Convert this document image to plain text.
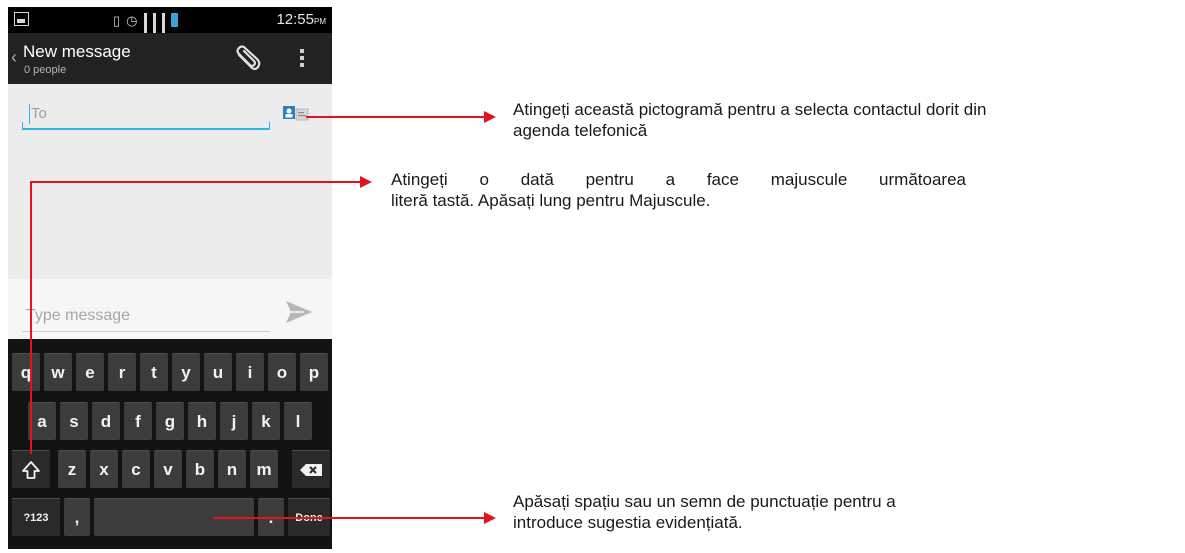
▯ ◷	12:55PM
‹ New message
0 people
To
Type message
q	w	e	r	t	y	u	i	o	p
a	s	d	f	g	h	j	k	l
z	x	c	v	b	n	m
?123	,	.	Done
Atingeți această pictogramă pentru a selecta contactul dorit din
agenda telefonică
Atingeți o dată pentru a face majuscule următoarea
literă tastă. Apăsați lung pentru Majuscule.
Apăsați spațiu sau un semn de punctuație pentru a
introduce sugestia evidențiată.
